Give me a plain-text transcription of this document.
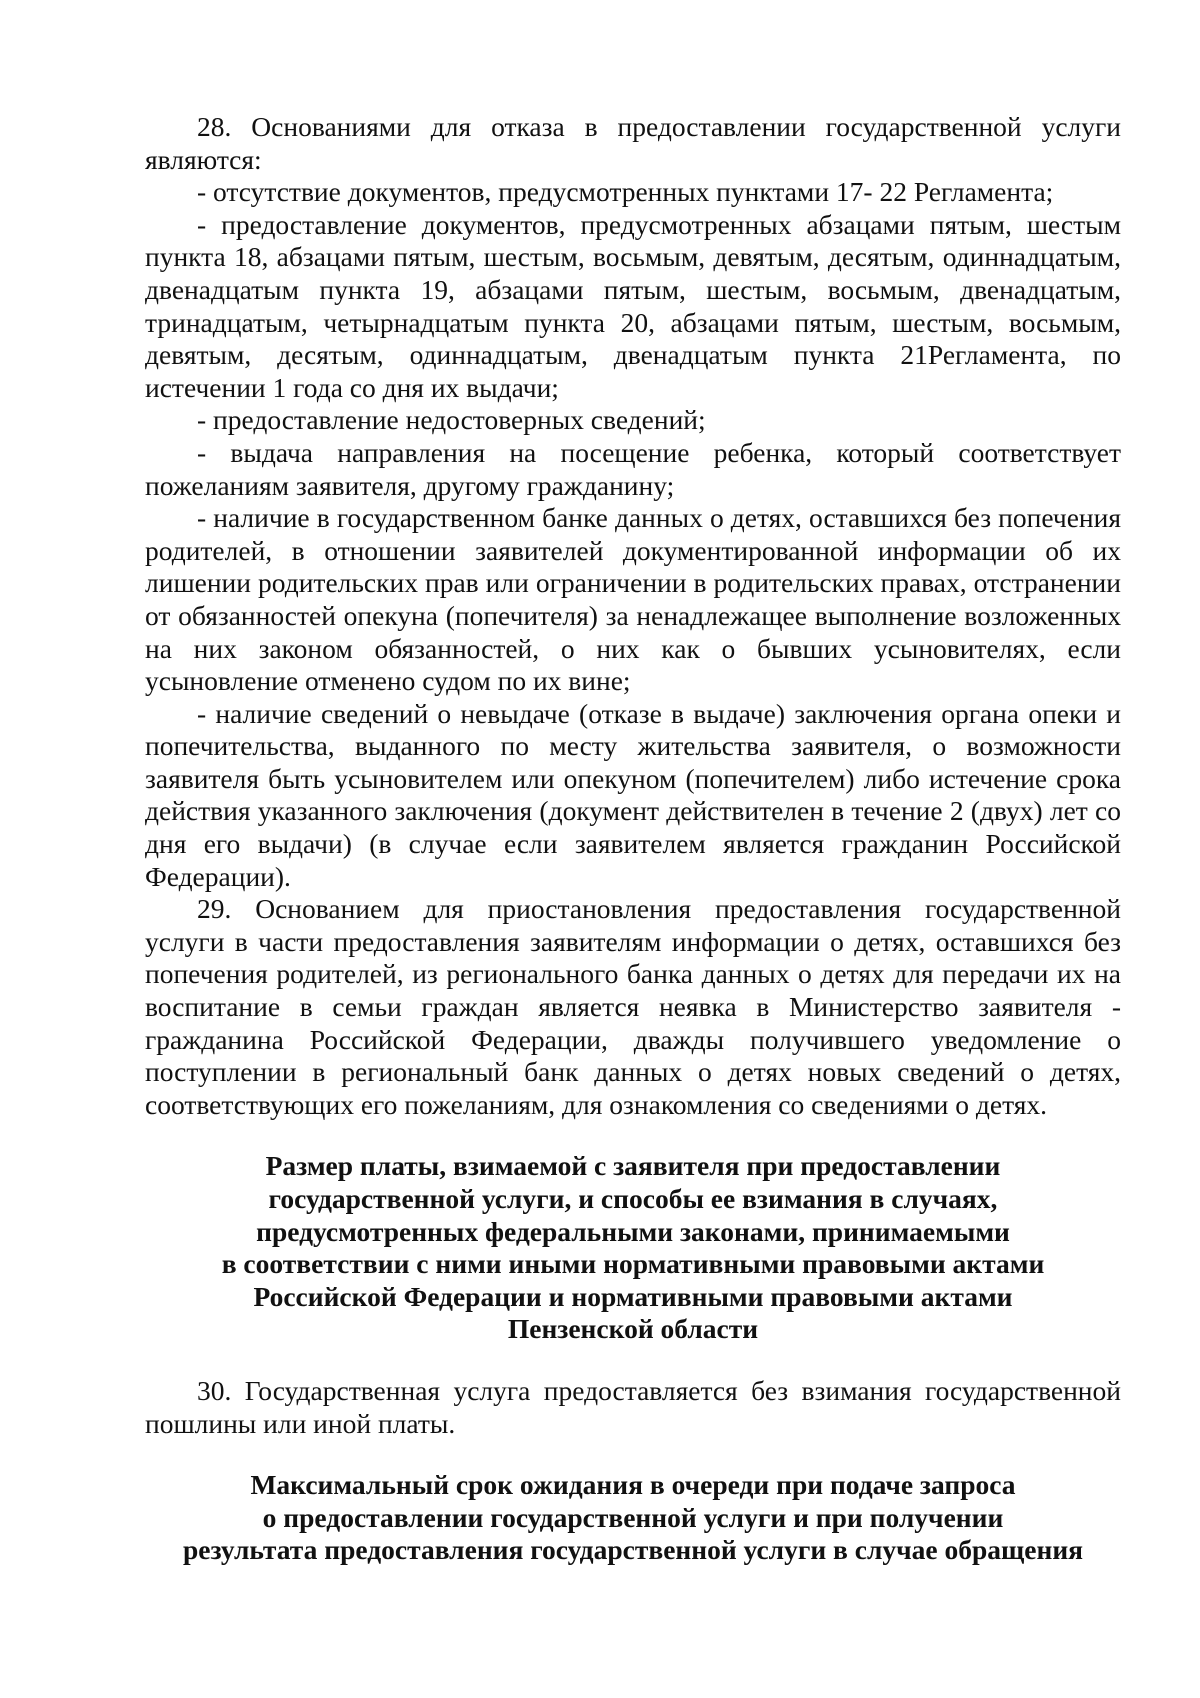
28. Основаниями для отказа в предоставлении государственной услуги являются:

- отсутствие документов, предусмотренных пунктами 17- 22 Регламента;

- предоставление документов, предусмотренных абзацами пятым, шестым пункта 18, абзацами пятым, шестым, восьмым, девятым, десятым, одиннадцатым, двенадцатым пункта 19, абзацами пятым, шестым, восьмым, двенадцатым, тринадцатым, четырнадцатым пункта 20, абзацами пятым, шестым, восьмым, девятым, десятым, одиннадцатым, двенадцатым пункта 21Регламента, по истечении 1 года со дня их выдачи;

- предоставление недостоверных сведений;

- выдача направления на посещение ребенка, который соответствует пожеланиям заявителя, другому гражданину;

- наличие в государственном банке данных о детях, оставшихся без попечения родителей, в отношении заявителей документированной информации об их лишении родительских прав или ограничении в родительских правах, отстранении от обязанностей опекуна (попечителя) за ненадлежащее выполнение возложенных на них законом обязанностей, о них как о бывших усыновителях, если усыновление отменено судом по их вине;

- наличие сведений о невыдаче (отказе в выдаче) заключения органа опеки и попечительства, выданного по месту жительства заявителя, о возможности заявителя быть усыновителем или опекуном (попечителем) либо истечение срока действия указанного заключения (документ действителен в течение 2 (двух) лет со дня его выдачи) (в случае если заявителем является гражданин Российской Федерации).

29. Основанием для приостановления предоставления государственной услуги в части предоставления заявителям информации о детях, оставшихся без попечения родителей, из регионального банка данных о детях для передачи их на воспитание в семьи граждан является неявка в Министерство заявителя - гражданина Российской Федерации, дважды получившего уведомление о поступлении в региональный банк данных о детях новых сведений о детях, соответствующих его пожеланиям, для ознакомления со сведениями о детях.

Размер платы, взимаемой с заявителя при предоставлении
государственной услуги, и способы ее взимания в случаях,
предусмотренных федеральными законами, принимаемыми
в соответствии с ними иными нормативными правовыми актами
Российской Федерации и нормативными правовыми актами
Пензенской области

30. Государственная услуга предоставляется без взимания государственной пошлины или иной платы.

Максимальный срок ожидания в очереди при подаче запроса
о предоставлении государственной услуги и при получении
результата предоставления государственной услуги в случае обращения
